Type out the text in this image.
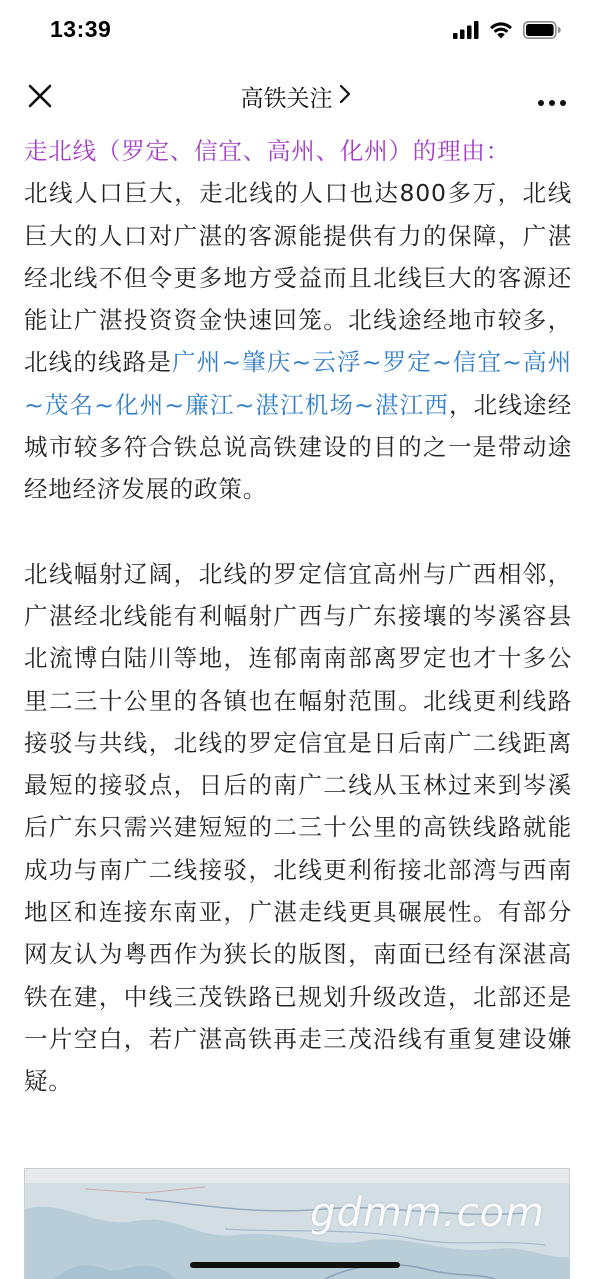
13:39
高铁关注

走北线（罗定、信宜、高州、化州）的理由：
北线人口巨大，走北线的人口也达800多万，北线巨大的人口对广湛的客源能提供有力的保障，广湛经北线不但令更多地方受益而且北线巨大的客源还能让广湛投资资金快速回笼。北线途经地市较多，北线的线路是广州~肇庆~云浮~罗定~信宜~高州~茂名~化州~廉江~湛江机场~湛江西，北线途经城市较多符合铁总说高铁建设的目的之一是带动途经地经济发展的政策。

北线幅射辽阔，北线的罗定信宜高州与广西相邻，广湛经北线能有利幅射广西与广东接壤的岑溪容县北流博白陆川等地，连郁南南部离罗定也才十多公里二三十公里的各镇也在幅射范围。北线更利线路接驳与共线，北线的罗定信宜是日后南广二线距离最短的接驳点，日后的南广二线从玉林过来到岑溪后广东只需兴建短短的二三十公里的高铁线路就能成功与南广二线接驳，北线更利衔接北部湾与西南地区和连接东南亚，广湛走线更具碾展性。有部分网友认为粤西作为狭长的版图，南面已经有深湛高铁在建，中线三茂铁路已规划升级改造，北部还是一片空白，若广湛高铁再走三茂沿线有重复建设嫌疑。

gdmm.com
